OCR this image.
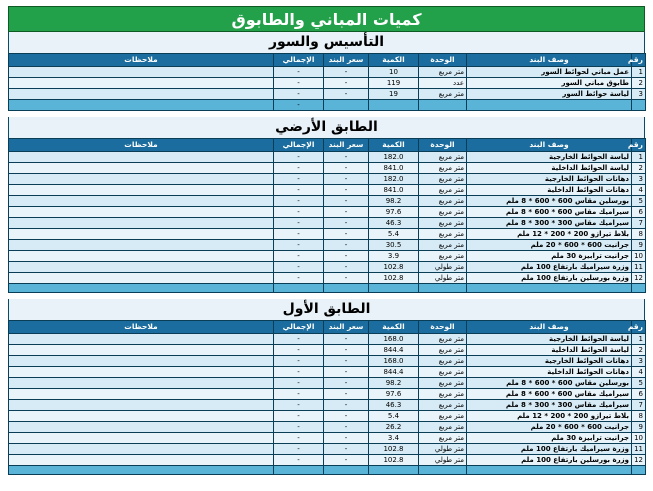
كميات المباني والطابوق
التأسيس والسور
رقم	وصف البند	الوحدة	الكمية	سعر البند	الإجمالي	ملاحظات
1	عمل مباني لحوائط السور	متر مربع	10	-	-	
2	طابوق مباني السور	عدد	119	-	-	
3	لياسة حوائط السور	متر مربع	19	-	-	
					-	
الطابق الأرضي
رقم	وصف البند	الوحدة	الكمية	سعر البند	الإجمالي	ملاحظات
1	لياسة الحوائط الخارجية	متر مربع	182.0	-	-	
2	لياسة الحوائط الداخلية	متر مربع	841.0	-	-	
3	دهانات الحوائط الخارجية	متر مربع	182.0	-	-	
4	دهانات الحوائط الداخلية	متر مربع	841.0	-	-	
5	بورسلين مقاس 600 * 600 * 8 ملم	متر مربع	98.2	-	-	
6	سيراميك مقاس 600 * 600 * 8 ملم	متر مربع	97.6	-	-	
7	سيراميك مقاس 300 * 300 * 8 ملم	متر مربع	46.3	-	-	
8	بلاط تيرازو 200 * 200 * 12 ملم	متر مربع	5.4	-	-	
9	جرانيت 600 * 600 * 20 ملم	متر مربع	30.5	-	-	
10	جرانيت ترابيزة 30 ملم	متر مربع	3.9	-	-	
11	وزرة سيراميك بارتفاع 100 ملم	متر طولي	102.8	-	-	
12	وزرة بورسلين بارتفاع 100 ملم	متر طولي	102.8	-	-	

الطابق الأول
رقم	وصف البند	الوحدة	الكمية	سعر البند	الإجمالي	ملاحظات
1	لياسة الحوائط الخارجية	متر مربع	168.0	-	-	
2	لياسة الحوائط الداخلية	متر مربع	844.4	-	-	
3	دهانات الحوائط الخارجية	متر مربع	168.0	-	-	
4	دهانات الحوائط الداخلية	متر مربع	844.4	-	-	
5	بورسلين مقاس 600 * 600 * 8 ملم	متر مربع	98.2	-	-	
6	سيراميك مقاس 600 * 600 * 8 ملم	متر مربع	97.6	-	-	
7	سيراميك مقاس 300 * 300 * 8 ملم	متر مربع	46.3	-	-	
8	بلاط تيرازو 200 * 200 * 12 ملم	متر مربع	5.4	-	-	
9	جرانيت 600 * 600 * 20 ملم	متر مربع	26.2	-	-	
10	جرانيت ترابيزة 30 ملم	متر مربع	3.4	-	-	
11	وزرة سيراميك بارتفاع 100 ملم	متر طولي	102.8	-	-	
12	وزرة بورسلين بارتفاع 100 ملم	متر طولي	102.8	-	-	
